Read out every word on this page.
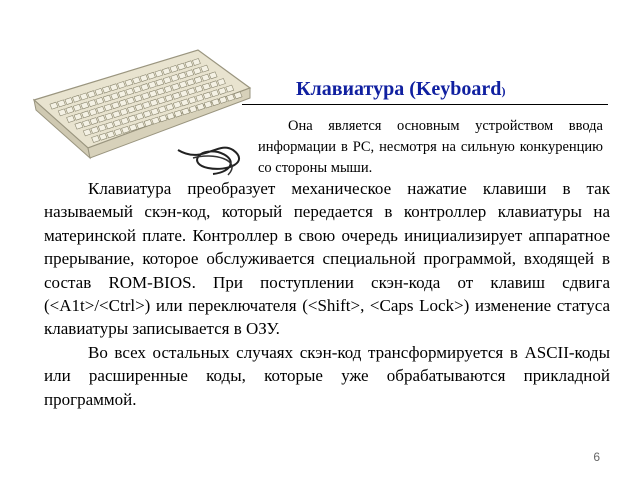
Клавиатура (Keyboard)

Она является основным устройством ввода информации в PC, несмотря на сильную конкуренцию со стороны мыши.

Клавиатура преобразует механическое нажатие клавиши в так называемый скэн-код, который передается в контроллер клавиатуры на материнской плате. Контроллер в свою очередь инициализирует аппаратное прерывание, которое обслуживается специальной программой, входящей в состав ROM-BIOS. При поступлении скэн-кода от клавиш сдвига (<A1t>/<Ctrl>) или переключателя (<Shift>, <Caps Lock>) изменение статуса клавиатуры записывается в ОЗУ.

Во всех остальных случаях скэн-код трансформируется в ASCII-коды или расширенные коды, которые уже обрабатываются прикладной программой.

6
